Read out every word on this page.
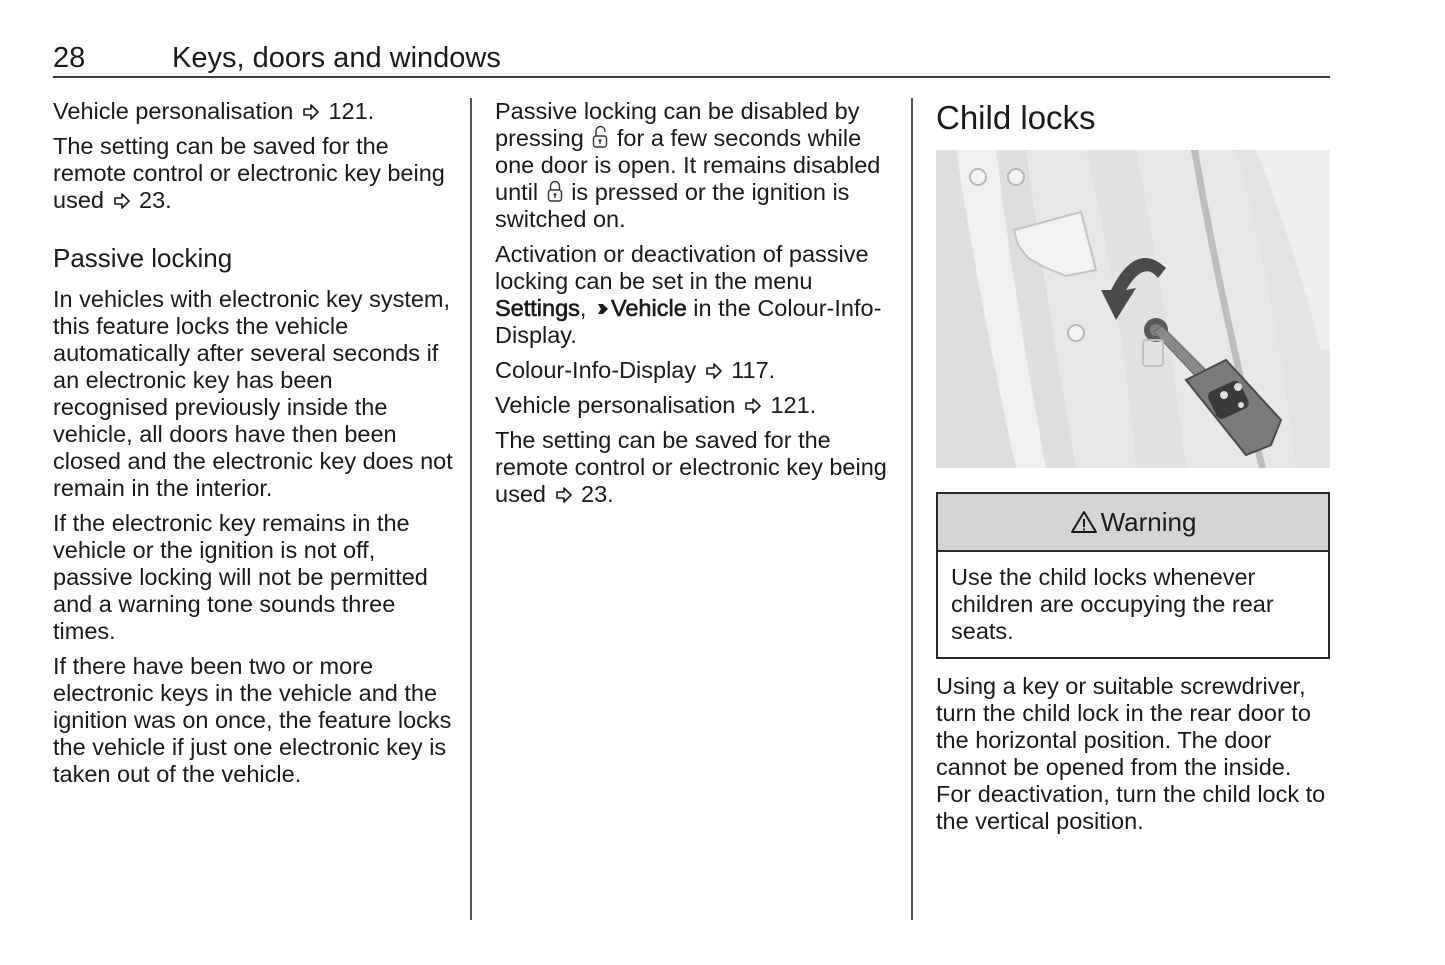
28	Keys, doors and windows

Vehicle personalisation 121.

The setting can be saved for the remote control or electronic key being used 23.

Passive locking

In vehicles with electronic key system, this feature locks the vehicle automatically after several seconds if an electronic key has been recognised previously inside the vehicle, all doors have then been closed and the electronic key does not remain in the interior.

If the electronic key remains in the vehicle or the ignition is not off, passive locking will not be permitted and a warning tone sounds three times.

If there have been two or more electronic keys in the vehicle and the ignition was on once, the feature locks the vehicle if just one electronic key is taken out of the vehicle.

Passive locking can be disabled by pressing for a few seconds while one door is open. It remains disabled until is pressed or the ignition is switched on.

Activation or deactivation of passive locking can be set in the menu Settings, Vehicle in the Colour-Info-Display.

Colour-Info-Display 117.

Vehicle personalisation 121.

The setting can be saved for the remote control or electronic key being used 23.

Child locks
Warning
Use the child locks whenever children are occupying the rear seats.

Using a key or suitable screwdriver, turn the child lock in the rear door to the horizontal position. The door cannot be opened from the inside. For deactivation, turn the child lock to the vertical position.
